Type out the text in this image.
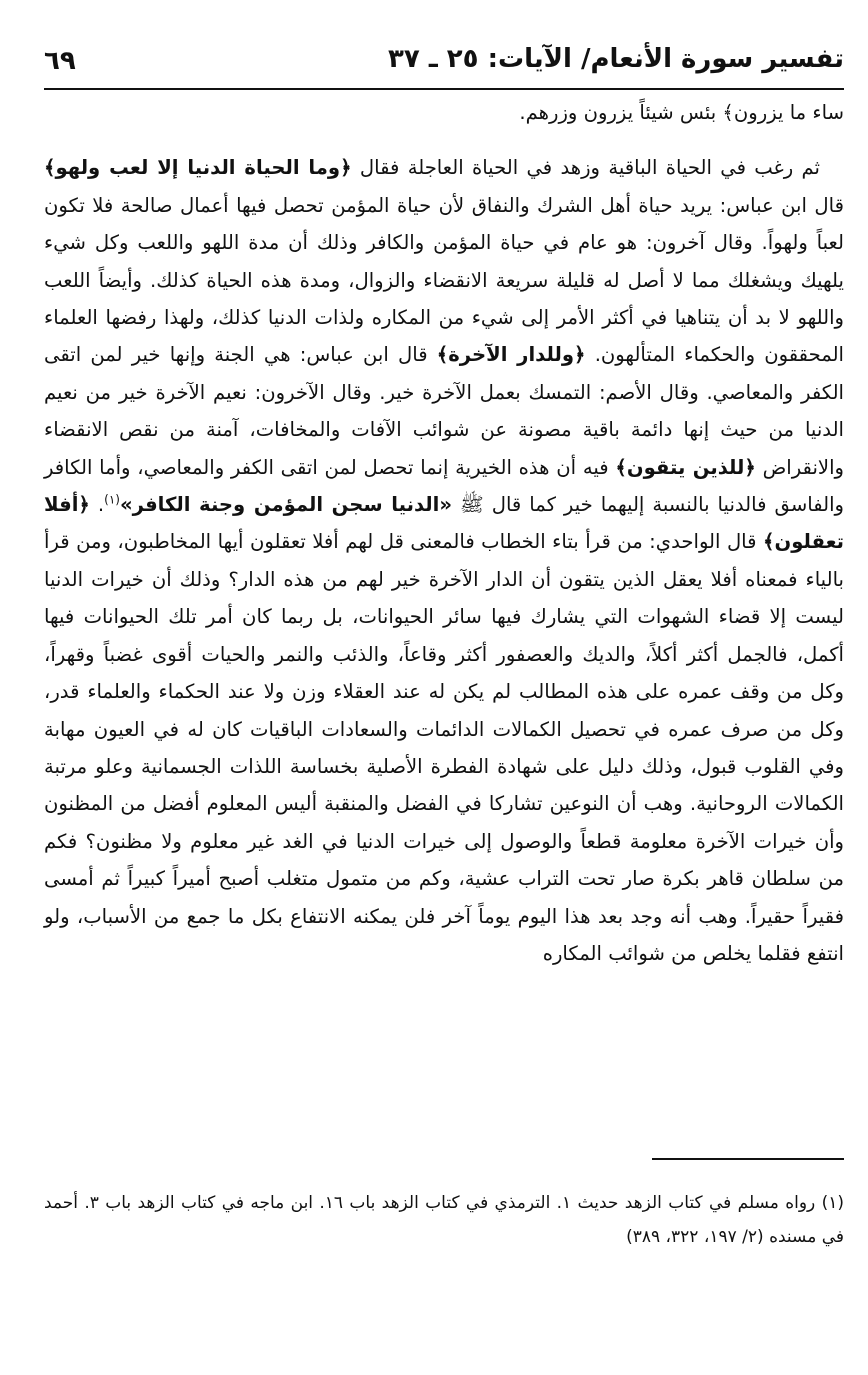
تفسير سورة الأنعام/ الآيات: ٢٥ ـ ٣٧
٦٩

ساء ما يزرون﴾ بئس شيئاً يزرون وزرهم.

ثم رغب في الحياة الباقية وزهد في الحياة العاجلة فقال ﴿وما الحياة الدنيا إلا لعب ولهو﴾ قال ابن عباس: يريد حياة أهل الشرك والنفاق لأن حياة المؤمن تحصل فيها أعمال صالحة فلا تكون لعباً ولهواً. وقال آخرون: هو عام في حياة المؤمن والكافر وذلك أن مدة اللهو واللعب وكل شيء يلهيك ويشغلك مما لا أصل له قليلة سريعة الانقضاء والزوال، ومدة هذه الحياة كذلك. وأيضاً اللعب واللهو لا بد أن يتناهيا في أكثر الأمر إلى شيء من المكاره ولذات الدنيا كذلك، ولهذا رفضها العلماء المحققون والحكماء المتألهون. ﴿وللدار الآخرة﴾ قال ابن عباس: هي الجنة وإنها خير لمن اتقى الكفر والمعاصي. وقال الأصم: التمسك بعمل الآخرة خير. وقال الآخرون: نعيم الآخرة خير من نعيم الدنيا من حيث إنها دائمة باقية مصونة عن شوائب الآفات والمخافات، آمنة من نقص الانقضاء والانقراض ﴿للذين يتقون﴾ فيه أن هذه الخيرية إنما تحصل لمن اتقى الكفر والمعاصي، وأما الكافر والفاسق فالدنيا بالنسبة إليهما خير كما قال ﷺ «الدنيا سجن المؤمن وجنة الكافر»$^{(١)}$. ﴿أفلا تعقلون﴾ قال الواحدي: من قرأ بتاء الخطاب فالمعنى قل لهم أفلا تعقلون أيها المخاطبون، ومن قرأ بالياء فمعناه أفلا يعقل الذين يتقون أن الدار الآخرة خير لهم من هذه الدار؟ وذلك أن خيرات الدنيا ليست إلا قضاء الشهوات التي يشارك فيها سائر الحيوانات، بل ربما كان أمر تلك الحيوانات فيها أكمل، فالجمل أكثر أكلاً، والديك والعصفور أكثر وقاعاً، والذئب والنمر والحيات أقوى غضباً وقهراً، وكل من وقف عمره على هذه المطالب لم يكن له عند العقلاء وزن ولا عند الحكماء والعلماء قدر، وكل من صرف عمره في تحصيل الكمالات الدائمات والسعادات الباقيات كان له في العيون مهابة وفي القلوب قبول، وذلك دليل على شهادة الفطرة الأصلية بخساسة اللذات الجسمانية وعلو مرتبة الكمالات الروحانية. وهب أن النوعين تشاركا في الفضل والمنقبة أليس المعلوم أفضل من المظنون وأن خيرات الآخرة معلومة قطعاً والوصول إلى خيرات الدنيا في الغد غير معلوم ولا مظنون؟ فكم من سلطان قاهر بكرة صار تحت التراب عشية، وكم من متمول متغلب أصبح أميراً كبيراً ثم أمسى فقيراً حقيراً. وهب أنه وجد بعد هذا اليوم يوماً آخر فلن يمكنه الانتفاع بكل ما جمع من الأسباب، ولو انتفع فقلما يخلص من شوائب المكاره

(١) رواه مسلم في كتاب الزهد حديث ١. الترمذي في كتاب الزهد باب ١٦. ابن ماجه في كتاب الزهد باب ٣. أحمد في مسنده (٢/ ١٩٧، ٣٢٢، ٣٨٩)
